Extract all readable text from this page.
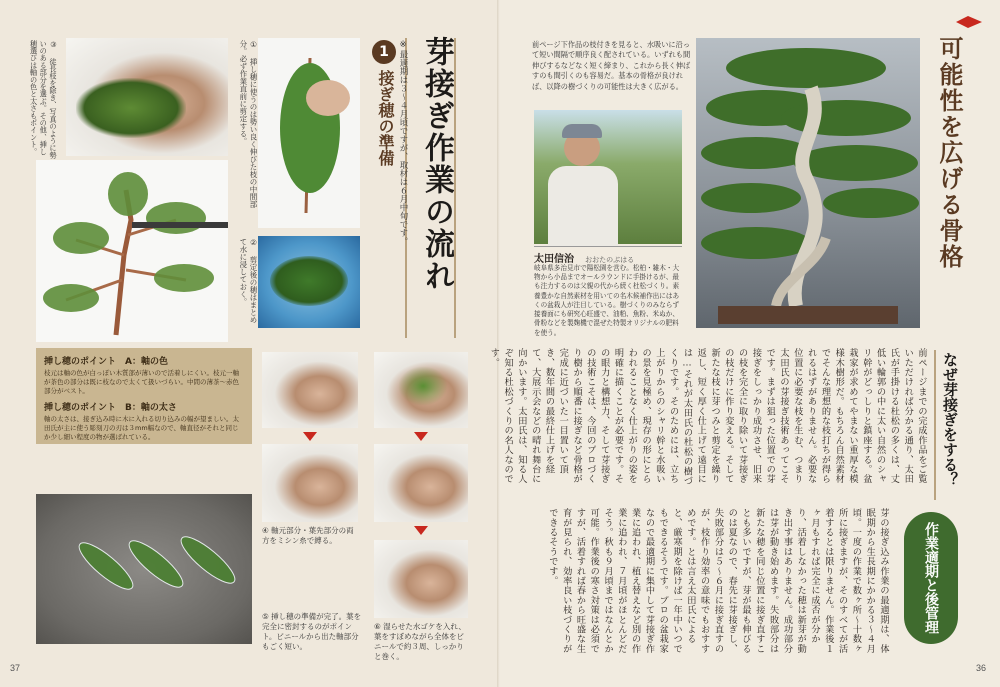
③ 徒長枝を除き、写真のように勢いのある部分を選ぶ。その他、挿し穂選びは軸の色と太さもポイント。	① 挿し穂に使うのは勢い良く伸びた枝の中間部分。必ず作業直前に剪定する。
② 剪定後の穂はまとめて水に浸しておく。	芽接ぎ作業の流れ
1
接ぎ穂の準備 ※最適期は３〜４月頃ですが、取材は６月中旬です。
挿し穂のポイント　A：軸の色
枝元は軸の色が白っぽい木質部が薄いので活着しにくい。枝元一軸が茶色の部分は既に枝なので太くて扱いづらい。中間の薄茶〜赤色部分がベスト。
挿し穂のポイント　B：軸の太さ
軸の太さは、接ぎ込み時に木に入れる切り込みの幅が望ましい。太田氏が主に使う彫刻刀の刃は３mm幅なので、軸直径がそれと同じか少し細い程度の物が選ばれている。
④ 軸元部分・葉先部分の両方をミシン糸で縛る。
⑥ 湿らせた水ゴケを入れ、葉をすぼめながら全体をビニールで約３周、しっかりと巻く。
⑤ 挿し穂の準備が完了。葉を完全に密封するのがポイント。ビニールから出た軸部分もごく短い。
37
前ページ下作品の枝付きを見ると、水吸いに沿って短い間隔で順序良く配されている。いずれも間伸びするなどなく短く締まり、これから長く伸ばすのも間引くのも容易だ。基本の骨格が良ければ、以降の樹づくりの可能性は大きく広がる。
太田信治 おおたのぶはる
岐阜県多治見市で陽松園を営む。松柏・雑木・大物から小品までオールラウンドに手掛けるが、最も注力するのは父親の代から続く杜松づくり。素養豊かな自然素材を用いての名木候補作出にはあくの盆栽人が注目している。樹づくりのみならず接養面にも研究心旺盛で、油粕、魚粉、米ぬか、骨粉などを製麹機で混ぜた特製オリジナルの肥料を使う。
可能性を広げる骨格
なぜ芽接ぎをする？
前ページまでの完成作品をご覧いただければ分かる通り、太田氏が手掛ける杜松の多くは、丈低い輪郭の中に太い自然のシャリ幹がどっしりと鎮座する。盆栽家が求めてやまない重厚な模様木樹形だ。もちろん自然素材でそんな理想的な枝打ちが得られるはずがありません。必要な位置に必要な枝を生む、つまり太田氏の芽接ぎ技術あってこそです。まずは狙った位置での芽接ぎをしっかり成功させ、旧来の枝を完全に取り除いて芽接ぎの枝だけに作り変える。そして新たな枝に芽つみと剪定を繰り返し、短く厚く仕上げて遠目には…それが太田氏の杜松の樹づくりです。そのためには、立ち上がりからのシャリ幹と水吸いの景を見極め、現存の形にとらわれることなく仕上がりの姿を明確に描くことが必要です。その眼力と構想力、そして芽接ぎの技術こそは、今回のプロづくり樹から順番に接ぎなど骨格が完成に近づいた一目置いて頂き、数年間の最終仕上げを経て、大展示会などの晴れ舞台に向かいます。太田氏は、知る人ぞ知る杜松づくりの名人なのです。
作業適期と後管理
芽の接ぎ込み作業の最適期は、体眠期から生長期にかかる３〜４月頃。一度の作業で数ヶ所〜十数ヶ所に接ぎますが、そのすべてが活着するとは限りません。作業後１ヶ月もすれば完全に成否が分かり、活着しなかった穂は新芽が動き出す事はありません。成功部分は芽が動き始めます。失敗部分は新たな穂を同じ位置に接ぎ直すことも多いですが、芽が最も伸びるのは夏なので、春先に芽接ぎし、失敗部分は５〜６月に接ぎ直すのが、枝作り効率の意味でもおすすめです。とは言え太田氏によると、厳寒期を除けば一年中いつでもできるそうです。プロの盆栽家なので最適期に集中して芽接ぎ作業に追われ、植え替えなど別の作業に追われ、７月頃がほとんどだそう。秋も９月頃まではなんとか可能。作業後の寒さ対策は必須ですが、活着すれば春から旺盛な生育が見られ、効率良い枝づくりができるそうです。
36
